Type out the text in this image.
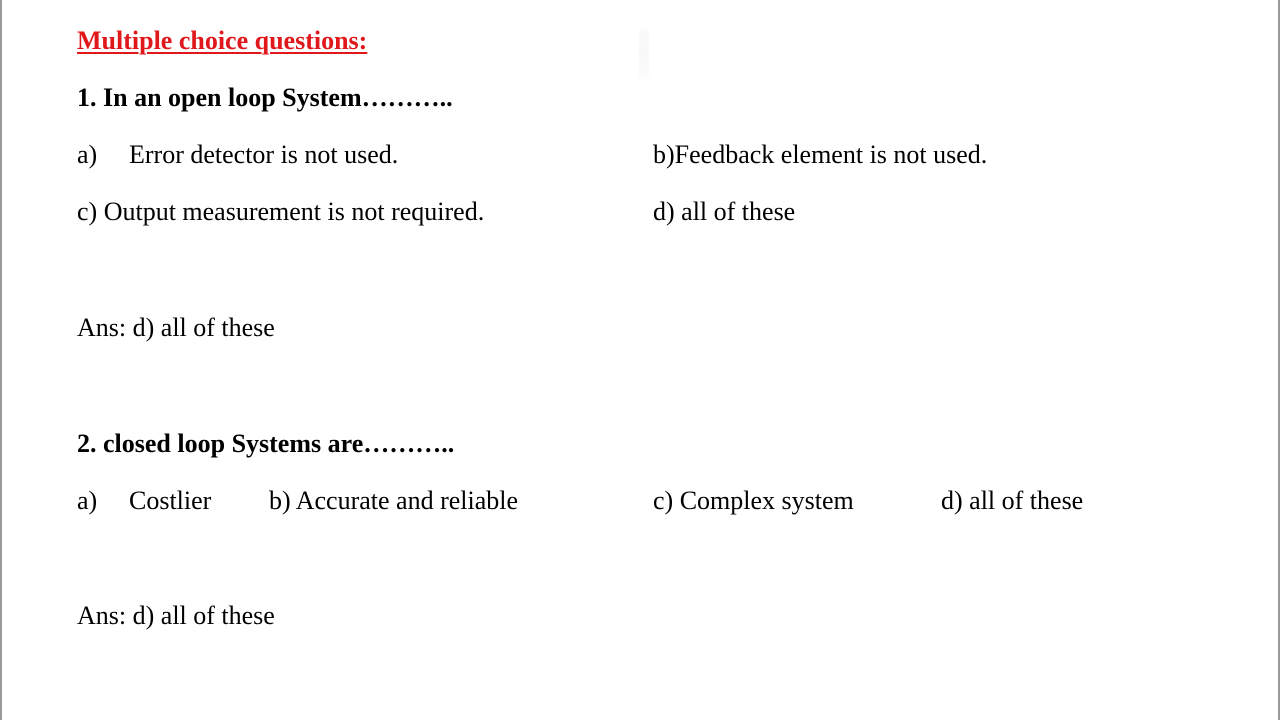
Multiple choice questions:
1. In an open loop System………..
a) Error detector is not used.	b)Feedback element is not used.
c) Output measurement is not required.	d) all of these
Ans: d) all of these
2. closed loop Systems are………..
a) Costlier b) Accurate and reliable	c) Complex system	d) all of these
Ans: d) all of these
